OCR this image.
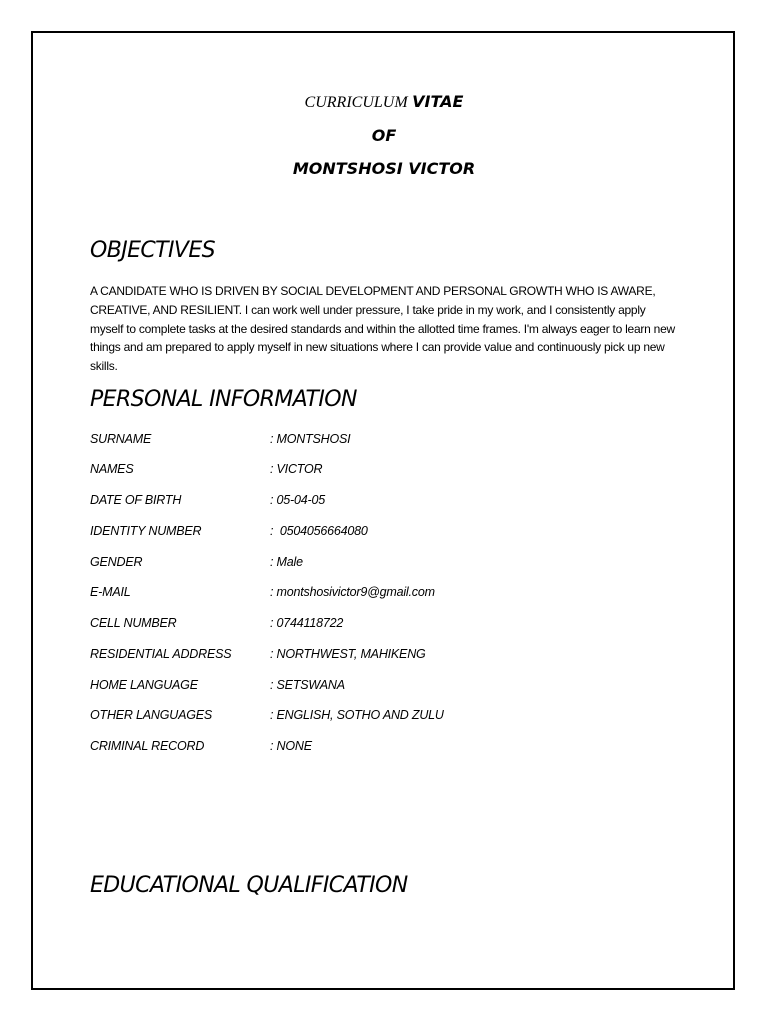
CURRICULUM VITAE
OF
MONTSHOSI VICTOR
OBJECTIVES
A CANDIDATE WHO IS DRIVEN BY SOCIAL DEVELOPMENT AND PERSONAL GROWTH WHO IS AWARE, CREATIVE, AND RESILIENT. I can work well under pressure, I take pride in my work, and I consistently apply myself to complete tasks at the desired standards and within the allotted time frames. I'm always eager to learn new things and am prepared to apply myself in new situations where I can provide value and continuously pick up new skills.
PERSONAL INFORMATION
SURNAME	: MONTSHOSI
NAMES	: VICTOR
DATE OF BIRTH	: 05-04-05
IDENTITY NUMBER	:  0504056664080
GENDER	: Male
E-MAIL	: montshosivictor9@gmail.com
CELL NUMBER	: 0744118722
RESIDENTIAL ADDRESS	: NORTHWEST, MAHIKENG
HOME LANGUAGE	: SETSWANA
OTHER LANGUAGES	: ENGLISH, SOTHO AND ZULU
CRIMINAL RECORD	: NONE
EDUCATIONAL QUALIFICATION
